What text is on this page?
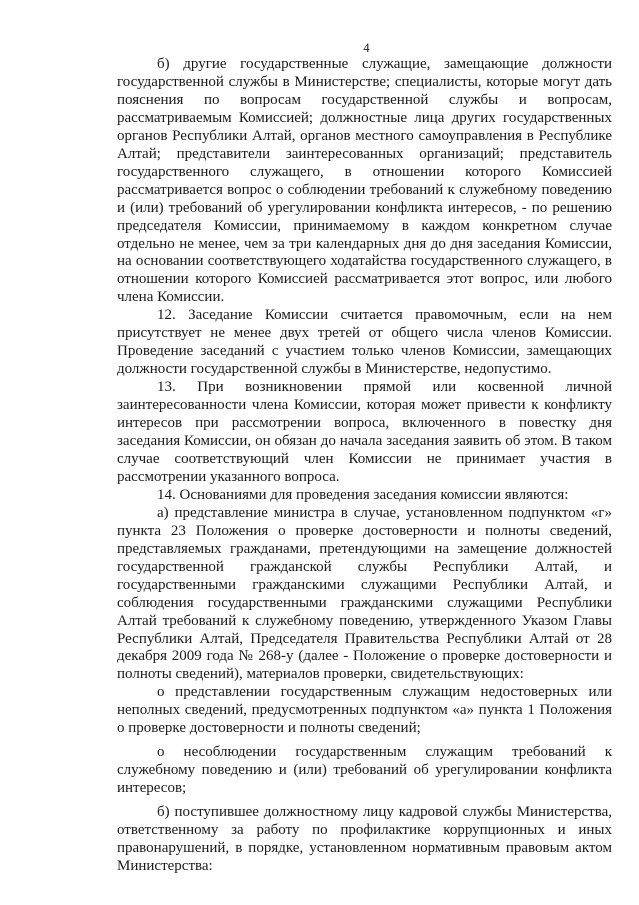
4

б) другие государственные служащие, замещающие должности государственной службы в Министерстве; специалисты, которые могут дать пояснения по вопросам государственной службы и вопросам, рассматриваемым Комиссией; должностные лица других государственных органов Республики Алтай, органов местного самоуправления в Республике Алтай; представители заинтересованных организаций; представитель государственного служащего, в отношении которого Комиссией рассматривается вопрос о соблюдении требований к служебному поведению и (или) требований об урегулировании конфликта интересов, - по решению председателя Комиссии, принимаемому в каждом конкретном случае отдельно не менее, чем за три календарных дня до дня заседания Комиссии, на основании соответствующего ходатайства государственного служащего, в отношении которого Комиссией рассматривается этот вопрос, или любого члена Комиссии.

12. Заседание Комиссии считается правомочным, если на нем присутствует не менее двух третей от общего числа членов Комиссии. Проведение заседаний с участием только членов Комиссии, замещающих должности государственной службы в Министерстве, недопустимо.

13. При возникновении прямой или косвенной личной заинтересованности члена Комиссии, которая может привести к конфликту интересов при рассмотрении вопроса, включенного в повестку дня заседания Комиссии, он обязан до начала заседания заявить об этом. В таком случае соответствующий член Комиссии не принимает участия в рассмотрении указанного вопроса.

14. Основаниями для проведения заседания комиссии являются:

а) представление министра в случае, установленном подпунктом «г» пункта 23 Положения о проверке достоверности и полноты сведений, представляемых гражданами, претендующими на замещение должностей государственной гражданской службы Республики Алтай, и государственными гражданскими служащими Республики Алтай, и соблюдения государственными гражданскими служащими Республики Алтай требований к служебному поведению, утвержденного Указом Главы Республики Алтай, Председателя Правительства Республики Алтай от 28 декабря 2009 года № 268-у (далее - Положение о проверке достоверности и полноты сведений), материалов проверки, свидетельствующих:

о представлении государственным служащим недостоверных или неполных сведений, предусмотренных подпунктом «а» пункта 1 Положения о проверке достоверности и полноты сведений;

о несоблюдении государственным служащим требований к служебному поведению и (или) требований об урегулировании конфликта интересов;

б) поступившее должностному лицу кадровой службы Министерства, ответственному за работу по профилактике коррупционных и иных правонарушений, в порядке, установленном нормативным правовым актом Министерства:
